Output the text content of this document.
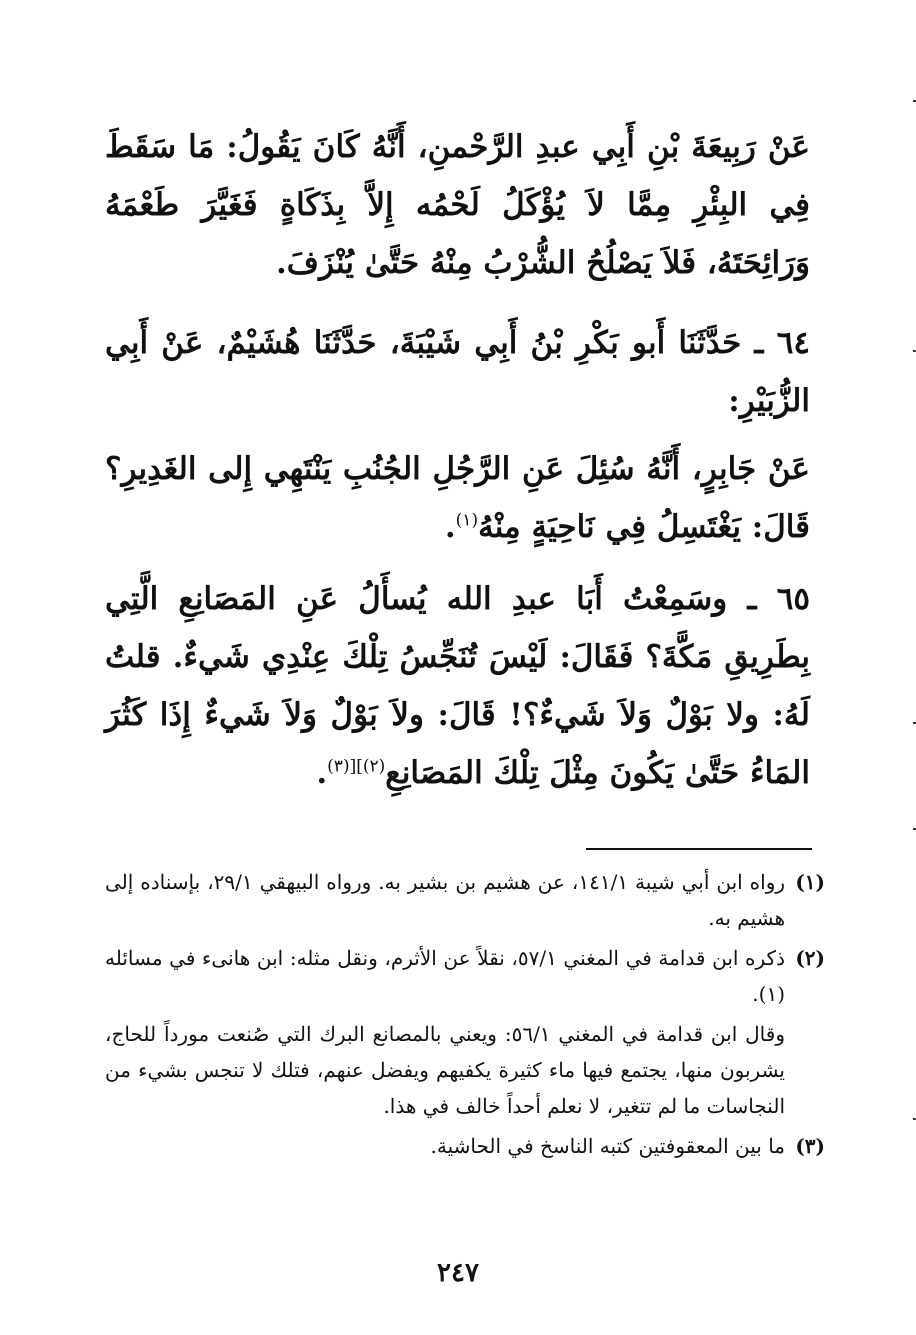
عَنْ رَبِيعَةَ بْنِ أَبِي عبدِ الرَّحْمنِ، أَنَّهُ كَانَ يَقُولُ: مَا سَقَطَ فِي البِئْرِ مِمَّا لاَ يُؤْكَلُ لَحْمُه إِلاَّ بِذَكَاةٍ فَغَيَّرَ طَعْمَهُ وَرَائِحَتَهُ، فَلاَ يَصْلُحُ الشُّرْبُ مِنْهُ حَتَّىٰ يُنْزَفَ.

٦٤ ـ حَدَّثَنَا أَبو بَكْرِ بْنُ أَبِي شَيْبَةَ، حَدَّثَنَا هُشَيْمٌ، عَنْ أَبِي الزُّبَيْرِ:

عَنْ جَابِرٍ، أَنَّهُ سُئِلَ عَنِ الرَّجُلِ الجُنُبِ يَنْتَهِي إِلى الغَدِيرِ؟ قَالَ: يَغْتَسِلُ فِي نَاحِيَةٍ مِنْهُ$^{(١)}$.

٦٥ ـ وسَمِعْتُ أَبَا عبدِ الله يُسأَلُ عَنِ المَصَانِعِ الَّتِي بِطَرِيقِ مَكَّةَ؟ فَقَالَ: لَيْسَ تُنَجِّسُ تِلْكَ عِنْدِي شَيءٌ. قلتُ لَهُ: ولا بَوْلٌ وَلاَ شَيءٌ؟! قَالَ: ولاَ بَوْلٌ وَلاَ شَيءٌ إِذَا كَثُرَ المَاءُ حَتَّىٰ يَكُونَ مِثْلَ تِلْكَ المَصَانِعِ$^{(٢)][(٣)}$.

(١)
رواه ابن أبي شيبة ١٤١/١، عن هشيم بن بشير به. ورواه البيهقي ٢٩/١، بإسناده إلى هشيم به.
(٢)
ذكره ابن قدامة في المغني ٥٧/١، نقلاً عن الأثرم، ونقل مثله: ابن هانىء في مسائله (١).
وقال ابن قدامة في المغني ٥٦/١: ويعني بالمصانع البرك التي صُنعت مورداً للحاج، يشربون منها، يجتمع فيها ماء كثيرة يكفيهم ويفضل عنهم، فتلك لا تنجس بشيء من النجاسات ما لم تتغير، لا نعلم أحداً خالف في هذا.
(٣)
ما بين المعقوفتين كتبه الناسخ في الحاشية.
٢٤٧
